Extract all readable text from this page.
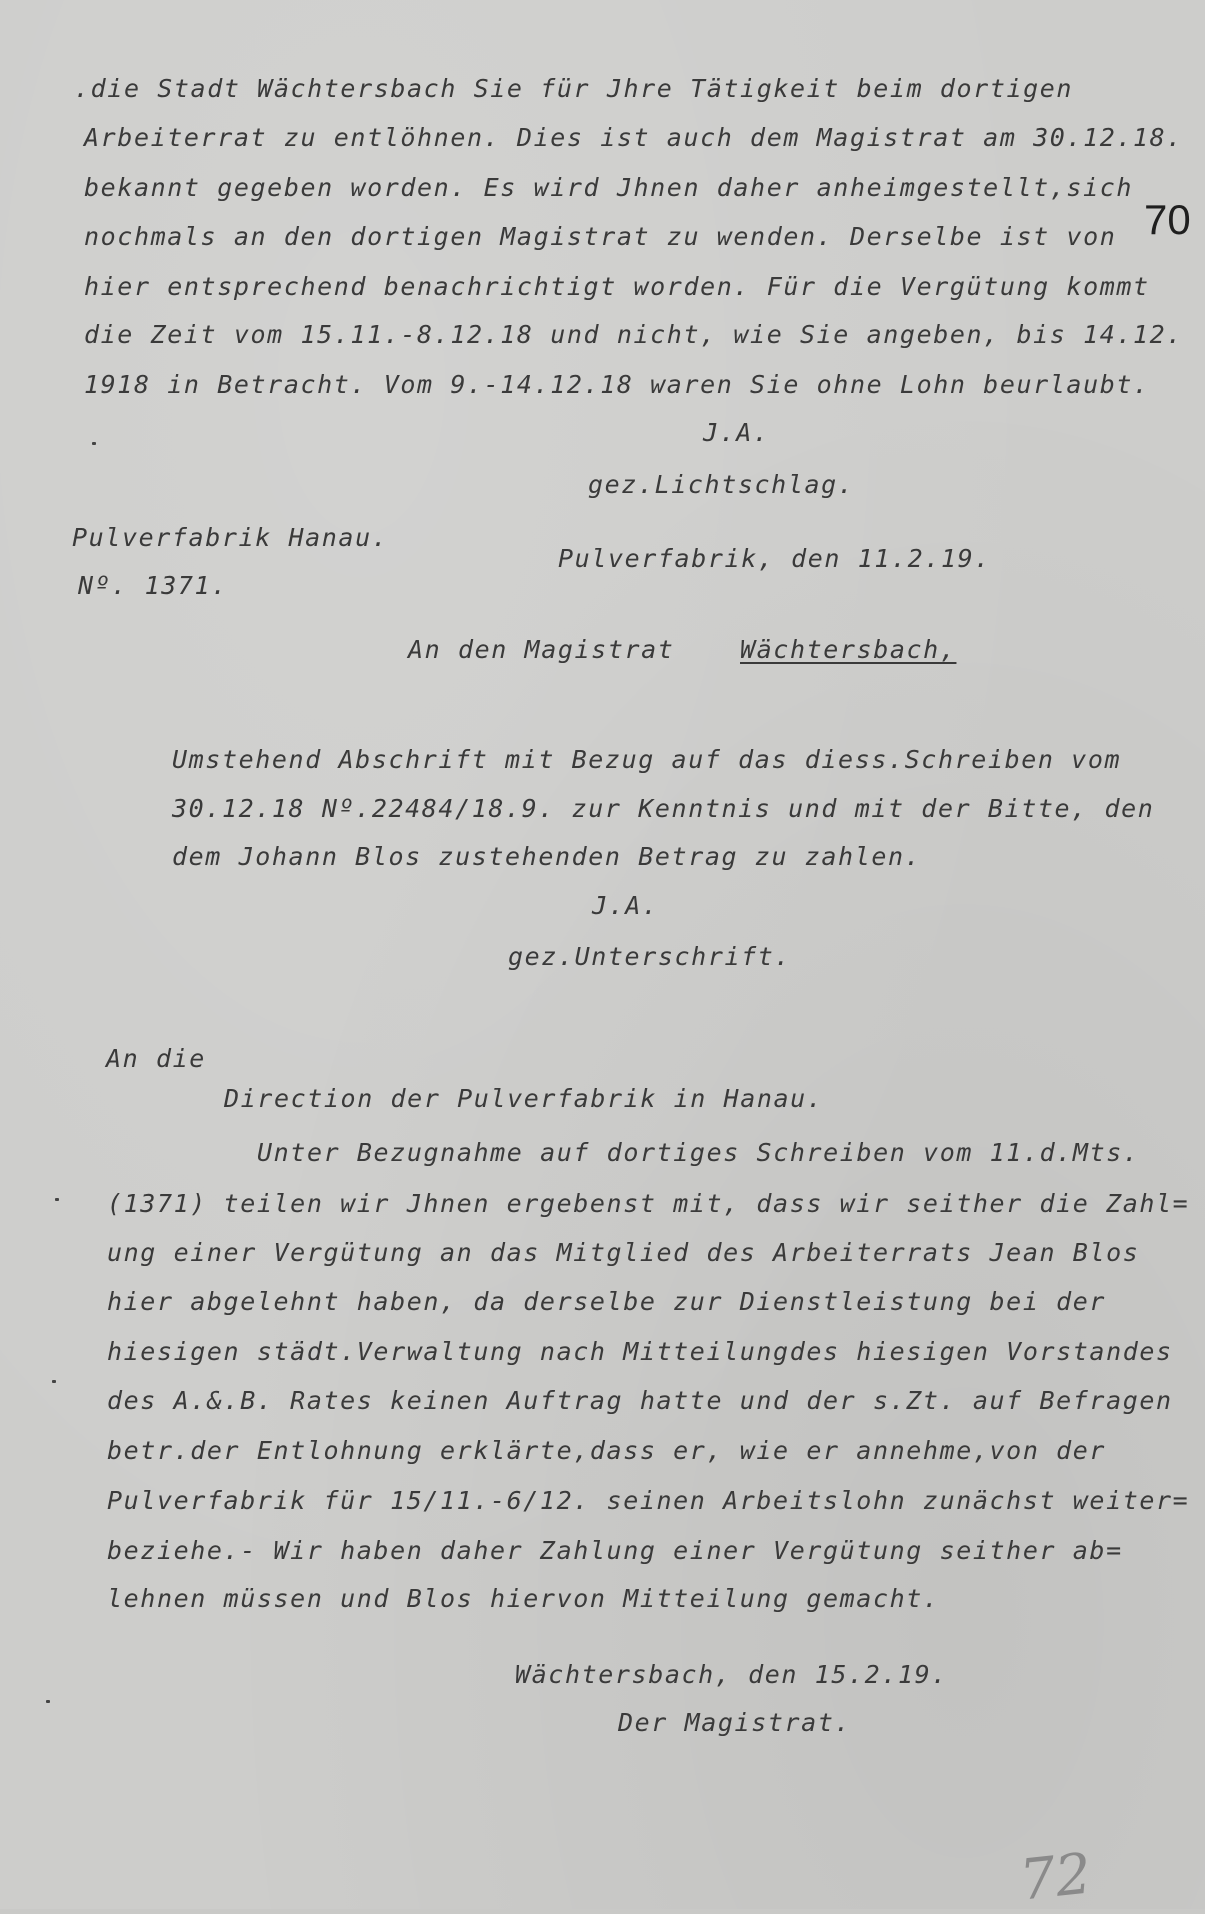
.die Stadt Wächtersbach Sie für Jhre Tätigkeit beim dortigen
Arbeiterrat zu entlöhnen. Dies ist auch dem Magistrat am 30.12.18.
bekannt gegeben worden. Es wird Jhnen daher anheimgestellt,sich
nochmals an den dortigen Magistrat zu wenden. Derselbe ist von
hier entsprechend benachrichtigt worden. Für die Vergütung kommt
die Zeit vom 15.11.-8.12.18 und nicht, wie Sie angeben, bis 14.12.
1918 in Betracht. Vom 9.-14.12.18 waren Sie ohne Lohn beurlaubt.
J.A.
gez.Lichtschlag.
70
Pulverfabrik Hanau.
Pulverfabrik, den 11.2.19.
Nº. 1371.
An den Magistrat	Wächtersbach,
Umstehend Abschrift mit Bezug auf das diess.Schreiben vom
30.12.18 Nº.22484/18.9. zur Kenntnis und mit der Bitte, den
dem Johann Blos zustehenden Betrag zu zahlen.
J.A.
gez.Unterschrift.
An die
Direction der Pulverfabrik in Hanau.
Unter Bezugnahme auf dortiges Schreiben vom 11.d.Mts.
(1371) teilen wir Jhnen ergebenst mit, dass wir seither die Zahl=
ung einer Vergütung an das Mitglied des Arbeiterrats Jean Blos
hier abgelehnt haben, da derselbe zur Dienstleistung bei der
hiesigen städt.Verwaltung nach Mitteilungdes hiesigen Vorstandes
des A.&.B. Rates keinen Auftrag hatte und der s.Zt. auf Befragen
betr.der Entlohnung erklärte,dass er, wie er annehme,von der
Pulverfabrik für 15/11.-6/12. seinen Arbeitslohn zunächst weiter=
beziehe.- Wir haben daher Zahlung einer Vergütung seither ab=
lehnen müssen und Blos hiervon Mitteilung gemacht.
Wächtersbach, den 15.2.19.
Der Magistrat.
72
